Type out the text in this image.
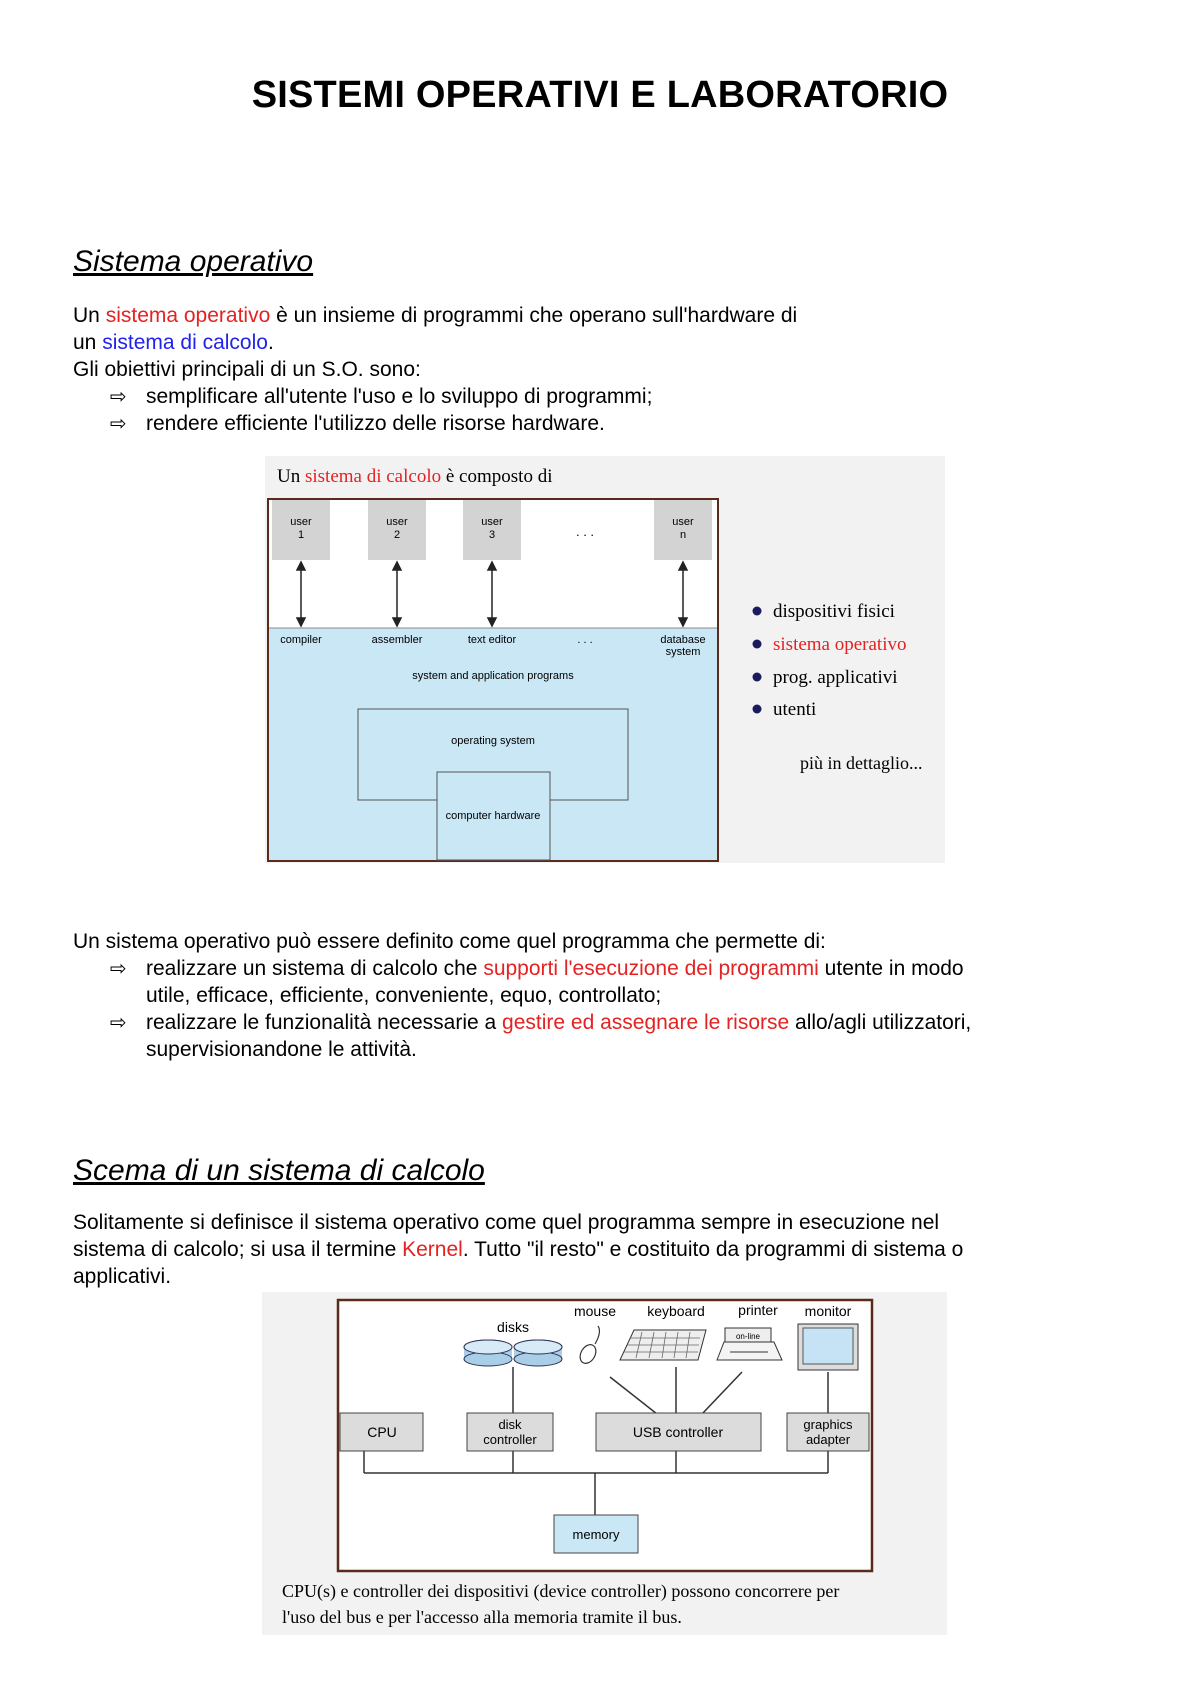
SISTEMI OPERATIVI E LABORATORIO
Sistema operativo
Un sistema operativo è un insieme di programmi che operano sull'hardware di
un sistema di calcolo.
Gli obiettivi principali di un S.O. sono:
⇨ semplificare all'utente l'uso e lo sviluppo di programmi;
⇨ rendere efficiente l'utilizzo delle risorse hardware.
Un sistema di calcolo è composto di
user
1
user
2
user
3
user
n
. . .
compiler	assembler	text editor	. . .	database
system
system and application programs
operating system
computer hardware
dispositivi fisici
sistema operativo
prog. applicativi
utenti
più in dettaglio...
Un sistema operativo può essere definito come quel programma che permette di:
⇨ realizzare un sistema di calcolo che supporti l'esecuzione dei programmi utente in modo
utile, efficace, efficiente, conveniente, equo, controllato;
⇨ realizzare le funzionalità necessarie a gestire ed assegnare le risorse allo/agli utilizzatori,
supervisionandone le attività.
Scema di un sistema di calcolo
Solitamente si definisce il sistema operativo come quel programma sempre in esecuzione nel
sistema di calcolo; si usa il termine Kernel. Tutto "il resto" e costituito da programmi di sistema o
applicativi.
disks
mouse keyboard printer monitor
on-line
CPU	disk
controller	USB controller	graphics
adapter
memory
CPU(s) e controller dei dispositivi (device controller) possono concorrere per
l'uso del bus e per l'accesso alla memoria tramite il bus.
